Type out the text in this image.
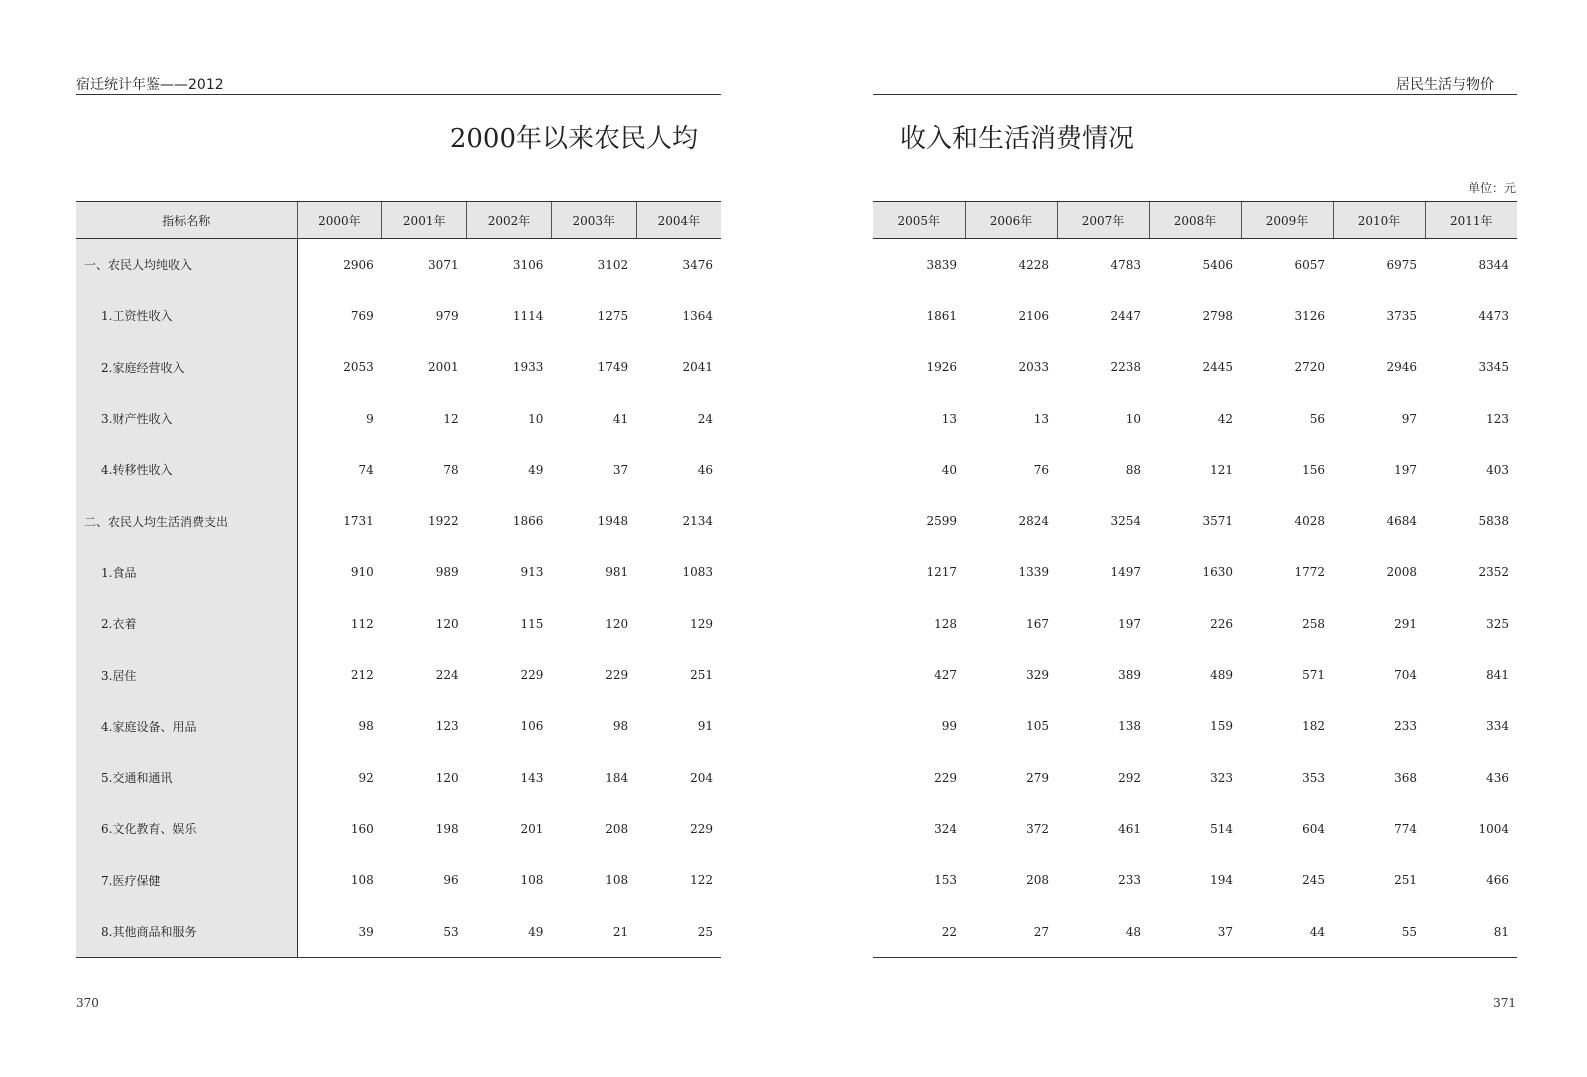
宿迁统计年鉴——2012	居民生活与物价
2000年以来农民人均	收入和生活消费情况
单位：元
指标名称	2000年	2001年	2002年	2003年	2004年
一、农民人均纯收入	2906	3071	3106	3102	3476
1.工资性收入	769	979	1114	1275	1364
2.家庭经营收入	2053	2001	1933	1749	2041
3.财产性收入	9	12	10	41	24
4.转移性收入	74	78	49	37	46
二、农民人均生活消费支出	1731	1922	1866	1948	2134
1.食品	910	989	913	981	1083
2.衣着	112	120	115	120	129
3.居住	212	224	229	229	251
4.家庭设备、用品	98	123	106	98	91
5.交通和通讯	92	120	143	184	204
6.文化教育、娱乐	160	198	201	208	229
7.医疗保健	108	96	108	108	122
8.其他商品和服务	39	53	49	21	25
2005年	2006年	2007年	2008年	2009年	2010年	2011年
3839	4228	4783	5406	6057	6975	8344
1861	2106	2447	2798	3126	3735	4473
1926	2033	2238	2445	2720	2946	3345
13	13	10	42	56	97	123
40	76	88	121	156	197	403
2599	2824	3254	3571	4028	4684	5838
1217	1339	1497	1630	1772	2008	2352
128	167	197	226	258	291	325
427	329	389	489	571	704	841
99	105	138	159	182	233	334
229	279	292	323	353	368	436
324	372	461	514	604	774	1004
153	208	233	194	245	251	466
22	27	48	37	44	55	81
370	371
